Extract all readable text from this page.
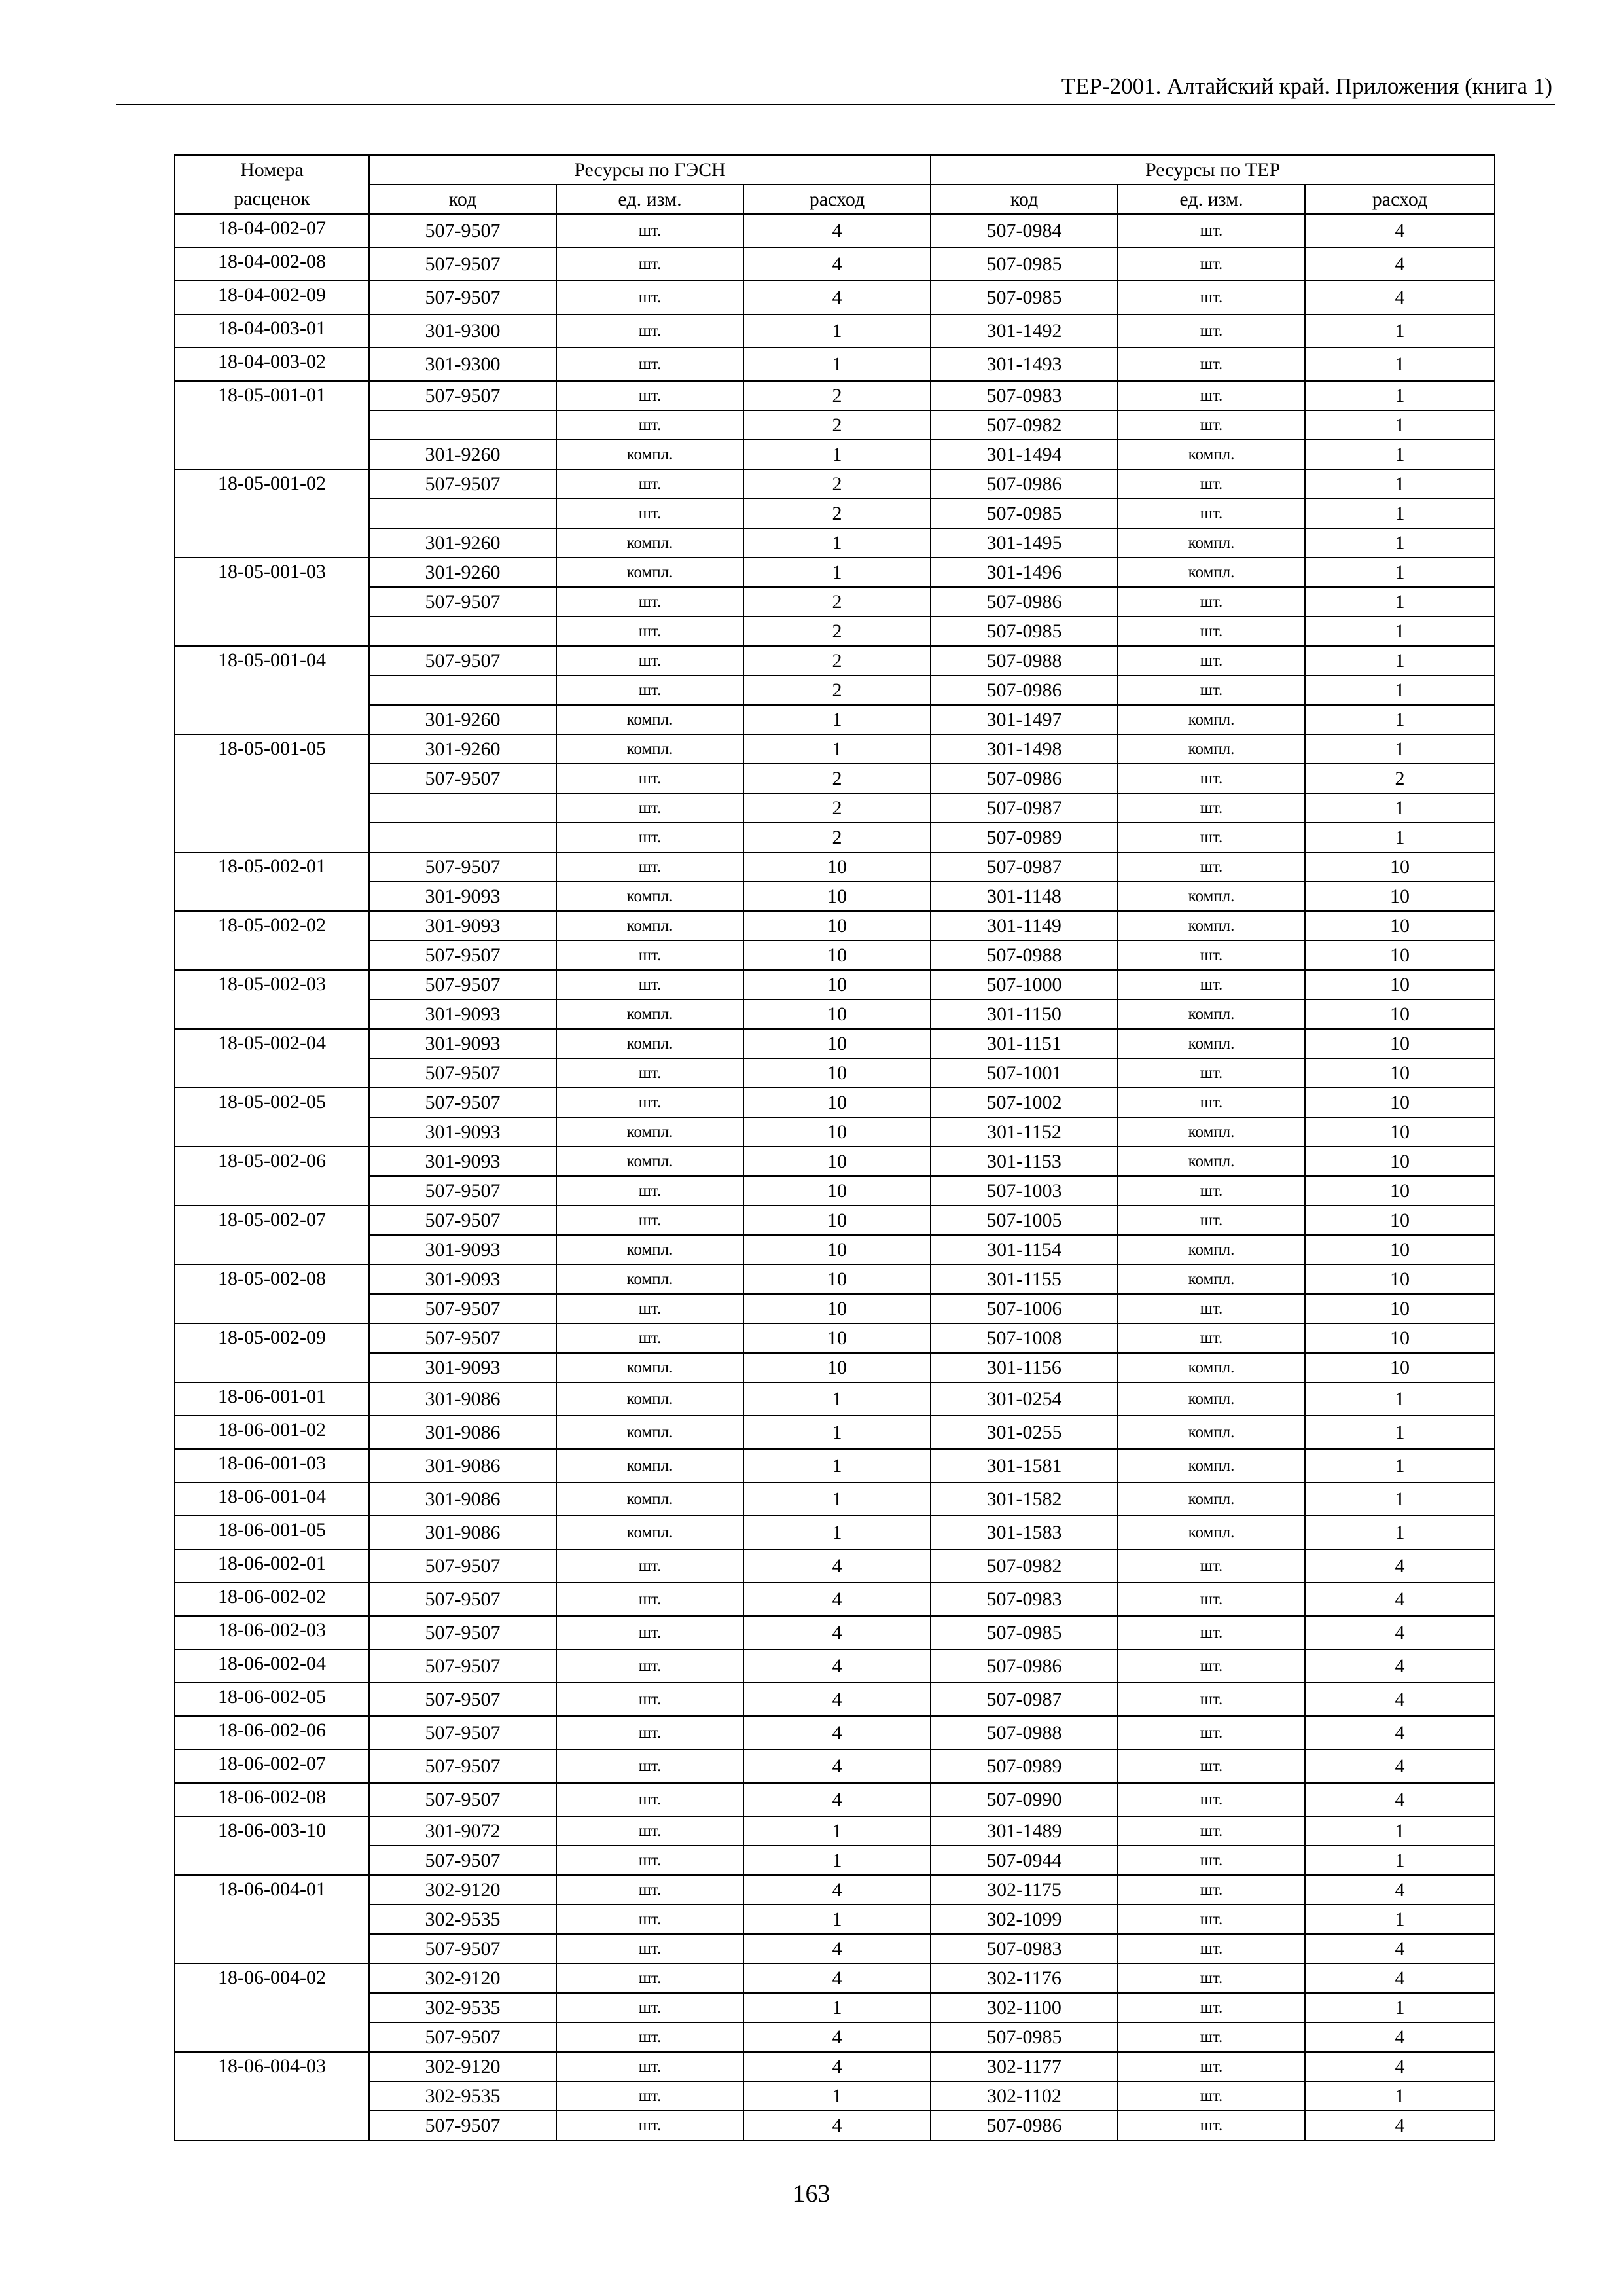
ТЕР-2001. Алтайский край. Приложения (книга 1)
Номера	Ресурсы по ГЭСН			Ресурсы по ТЕР		
расценок	код	ед. изм.	расход	код	ед. изм.	расход
18-04-002-07	507-9507	шт.	4	507-0984	шт.	4
18-04-002-08	507-9507	шт.	4	507-0985	шт.	4
18-04-002-09	507-9507	шт.	4	507-0985	шт.	4
18-04-003-01	301-9300	шт.	1	301-1492	шт.	1
18-04-003-02	301-9300	шт.	1	301-1493	шт.	1
18-05-001-01	507-9507	шт.	2	507-0983	шт.	1
		шт.	2	507-0982	шт.	1
	301-9260	компл.	1	301-1494	компл.	1
18-05-001-02	507-9507	шт.	2	507-0986	шт.	1
		шт.	2	507-0985	шт.	1
	301-9260	компл.	1	301-1495	компл.	1
18-05-001-03	301-9260	компл.	1	301-1496	компл.	1
	507-9507	шт.	2	507-0986	шт.	1
		шт.	2	507-0985	шт.	1
18-05-001-04	507-9507	шт.	2	507-0988	шт.	1
		шт.	2	507-0986	шт.	1
	301-9260	компл.	1	301-1497	компл.	1
18-05-001-05	301-9260	компл.	1	301-1498	компл.	1
	507-9507	шт.	2	507-0986	шт.	2
		шт.	2	507-0987	шт.	1
		шт.	2	507-0989	шт.	1
18-05-002-01	507-9507	шт.	10	507-0987	шт.	10
	301-9093	компл.	10	301-1148	компл.	10
18-05-002-02	301-9093	компл.	10	301-1149	компл.	10
	507-9507	шт.	10	507-0988	шт.	10
18-05-002-03	507-9507	шт.	10	507-1000	шт.	10
	301-9093	компл.	10	301-1150	компл.	10
18-05-002-04	301-9093	компл.	10	301-1151	компл.	10
	507-9507	шт.	10	507-1001	шт.	10
18-05-002-05	507-9507	шт.	10	507-1002	шт.	10
	301-9093	компл.	10	301-1152	компл.	10
18-05-002-06	301-9093	компл.	10	301-1153	компл.	10
	507-9507	шт.	10	507-1003	шт.	10
18-05-002-07	507-9507	шт.	10	507-1005	шт.	10
	301-9093	компл.	10	301-1154	компл.	10
18-05-002-08	301-9093	компл.	10	301-1155	компл.	10
	507-9507	шт.	10	507-1006	шт.	10
18-05-002-09	507-9507	шт.	10	507-1008	шт.	10
	301-9093	компл.	10	301-1156	компл.	10
18-06-001-01	301-9086	компл.	1	301-0254	компл.	1
18-06-001-02	301-9086	компл.	1	301-0255	компл.	1
18-06-001-03	301-9086	компл.	1	301-1581	компл.	1
18-06-001-04	301-9086	компл.	1	301-1582	компл.	1
18-06-001-05	301-9086	компл.	1	301-1583	компл.	1
18-06-002-01	507-9507	шт.	4	507-0982	шт.	4
18-06-002-02	507-9507	шт.	4	507-0983	шт.	4
18-06-002-03	507-9507	шт.	4	507-0985	шт.	4
18-06-002-04	507-9507	шт.	4	507-0986	шт.	4
18-06-002-05	507-9507	шт.	4	507-0987	шт.	4
18-06-002-06	507-9507	шт.	4	507-0988	шт.	4
18-06-002-07	507-9507	шт.	4	507-0989	шт.	4
18-06-002-08	507-9507	шт.	4	507-0990	шт.	4
18-06-003-10	301-9072	шт.	1	301-1489	шт.	1
	507-9507	шт.	1	507-0944	шт.	1
18-06-004-01	302-9120	шт.	4	302-1175	шт.	4
	302-9535	шт.	1	302-1099	шт.	1
	507-9507	шт.	4	507-0983	шт.	4
18-06-004-02	302-9120	шт.	4	302-1176	шт.	4
	302-9535	шт.	1	302-1100	шт.	1
	507-9507	шт.	4	507-0985	шт.	4
18-06-004-03	302-9120	шт.	4	302-1177	шт.	4
	302-9535	шт.	1	302-1102	шт.	1
	507-9507	шт.	4	507-0986	шт.	4
163
